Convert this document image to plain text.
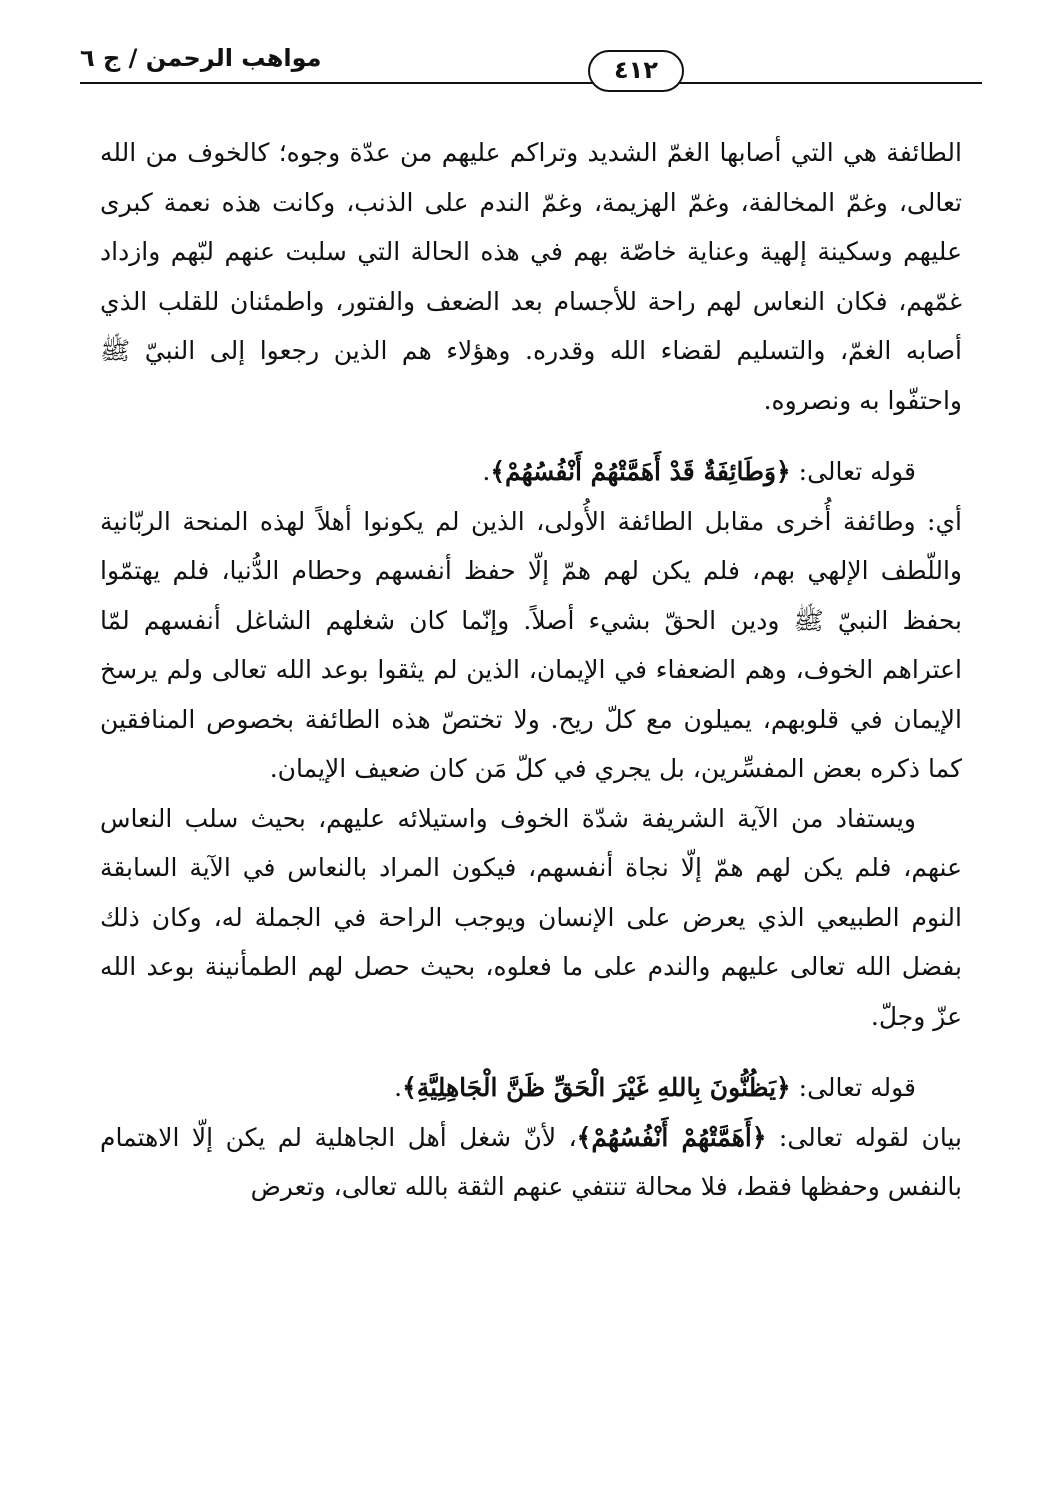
٤١٢
مواهب الرحمن / ج ٦

الطائفة هي التي أصابها الغمّ الشديد وتراكم عليهم من عدّة وجوه؛ كالخوف من الله تعالى، وغمّ المخالفة، وغمّ الهزيمة، وغمّ الندم على الذنب، وكانت هذه نعمة كبرى عليهم وسكينة إلهية وعناية خاصّة بهم في هذه الحالة التي سلبت عنهم لبّهم وازداد غمّهم، فكان النعاس لهم راحة للأجسام بعد الضعف والفتور، واطمئنان للقلب الذي أصابه الغمّ، والتسليم لقضاء الله وقدره. وهؤلاء هم الذين رجعوا إلى النبيّ ﷺ واحتفّوا به ونصروه.

قوله تعالى: ﴿وَطَائِفَةٌ قَدْ أَهَمَّتْهُمْ أَنْفُسُهُمْ﴾.

أي: وطائفة أُخرى مقابل الطائفة الأُولى، الذين لم يكونوا أهلاً لهذه المنحة الربّانية واللّطف الإلهي بهم، فلم يكن لهم همّ إلّا حفظ أنفسهم وحطام الدُّنيا، فلم يهتمّوا بحفظ النبيّ ﷺ ودين الحقّ بشيء أصلاً. وإنّما كان شغلهم الشاغل أنفسهم لمّا اعتراهم الخوف، وهم الضعفاء في الإيمان، الذين لم يثقوا بوعد الله تعالى ولم يرسخ الإيمان في قلوبهم، يميلون مع كلّ ريح. ولا تختصّ هذه الطائفة بخصوص المنافقين كما ذكره بعض المفسِّرين، بل يجري في كلّ مَن كان ضعيف الإيمان.

ويستفاد من الآية الشريفة شدّة الخوف واستيلائه عليهم، بحيث سلب النعاس عنهم، فلم يكن لهم همّ إلّا نجاة أنفسهم، فيكون المراد بالنعاس في الآية السابقة النوم الطبيعي الذي يعرض على الإنسان ويوجب الراحة في الجملة له، وكان ذلك بفضل الله تعالى عليهم والندم على ما فعلوه، بحيث حصل لهم الطمأنينة بوعد الله عزّ وجلّ.

قوله تعالى: ﴿يَظُنُّونَ بِاللهِ غَيْرَ الْحَقِّ ظَنَّ الْجَاهِلِيَّةِ﴾.

بيان لقوله تعالى: ﴿أَهَمَّتْهُمْ أَنْفُسُهُمْ﴾، لأنّ شغل أهل الجاهلية لم يكن إلّا الاهتمام بالنفس وحفظها فقط، فلا محالة تنتفي عنهم الثقة بالله تعالى، وتعرض
